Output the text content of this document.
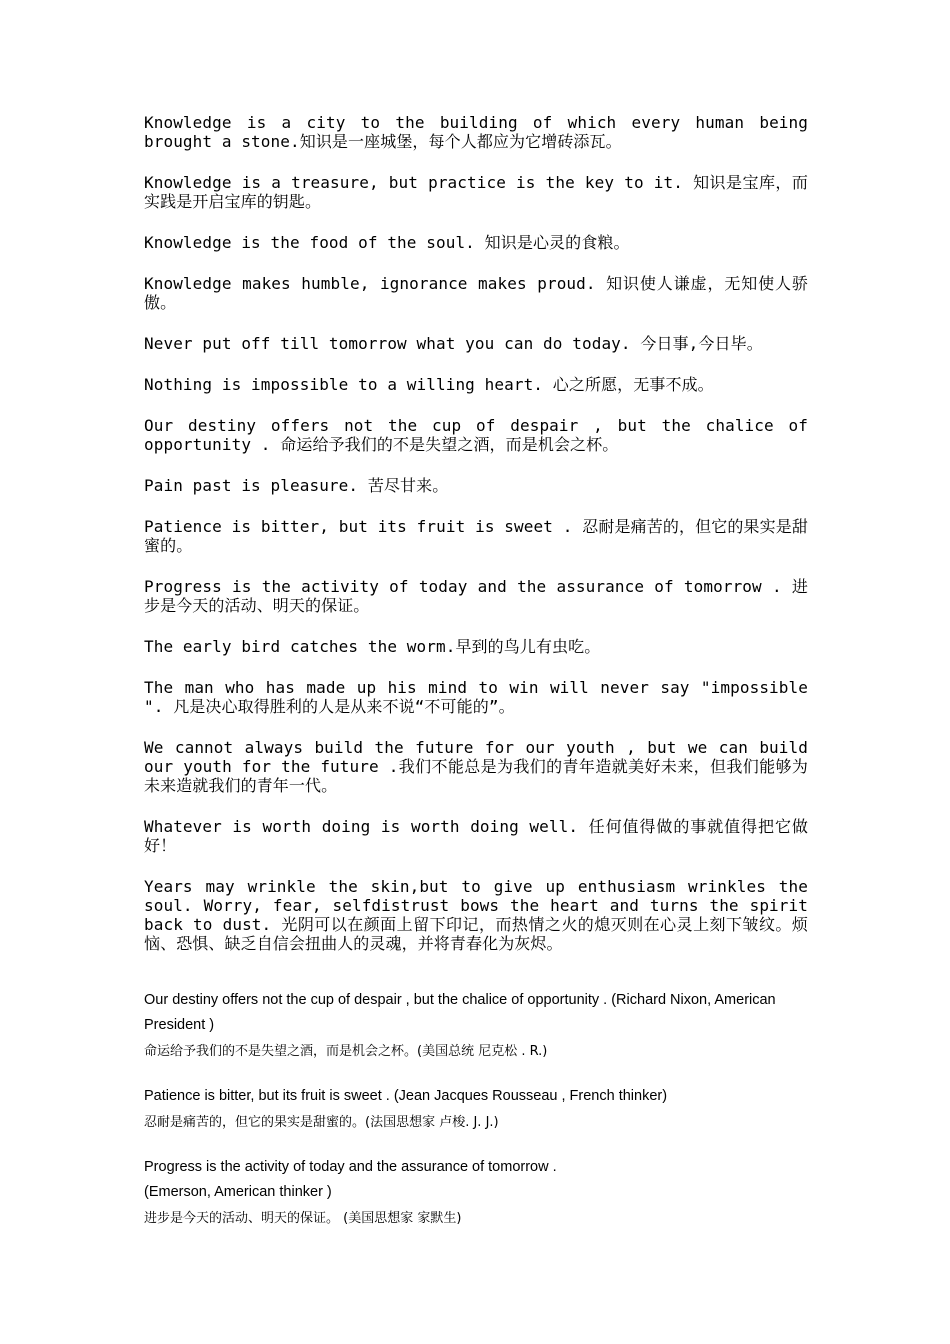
Knowledge is a city to the building of which every human being brought a stone.知识是一座城堡，每个人都应为它增砖添瓦。

Knowledge is a treasure, but practice is the key to it. 知识是宝库，而实践是开启宝库的钥匙。

Knowledge is the food of the soul. 知识是心灵的食粮。

Knowledge makes humble, ignorance makes proud. 知识使人谦虚，无知使人骄傲。

Never put off till tomorrow what you can do today. 今日事,今日毕。

Nothing is impossible to a willing heart. 心之所愿，无事不成。

Our destiny offers not the cup of despair , but the chalice of opportunity . 命运给予我们的不是失望之酒，而是机会之杯。

Pain past is pleasure. 苦尽甘来。

Patience is bitter, but its fruit is sweet . 忍耐是痛苦的，但它的果实是甜蜜的。

Progress is the activity of today and the assurance of tomorrow . 进步是今天的活动、明天的保证。

The early bird catches the worm.早到的鸟儿有虫吃。

The man who has made up his mind to win will never say "impossible ". 凡是决心取得胜利的人是从来不说“不可能的”。

We cannot always build the future for our youth , but we can build our youth for the future .我们不能总是为我们的青年造就美好未来，但我们能够为未来造就我们的青年一代。

Whatever is worth doing is worth doing well. 任何值得做的事就值得把它做好！

Years may wrinkle the skin,but to give up enthusiasm wrinkles the soul. Worry, fear, selfdistrust bows the heart and turns the spirit back to dust. 光阴可以在颜面上留下印记，而热情之火的熄灭则在心灵上刻下皱纹。烦恼、恐惧、缺乏自信会扭曲人的灵魂，并将青春化为灰烬。

Our destiny offers not the cup of despair , but the chalice of opportunity . (Richard Nixon, American President )

命运给予我们的不是失望之酒，而是机会之杯。(美国总统 尼克松 . R.)

Patience is bitter, but its fruit is sweet . (Jean Jacques Rousseau , French thinker)

忍耐是痛苦的，但它的果实是甜蜜的。(法国思想家 卢梭. J. J.)

Progress is the activity of today and the assurance of tomorrow .

(Emerson, American thinker )

进步是今天的活动、明天的保证。 (美国思想家 家默生)
